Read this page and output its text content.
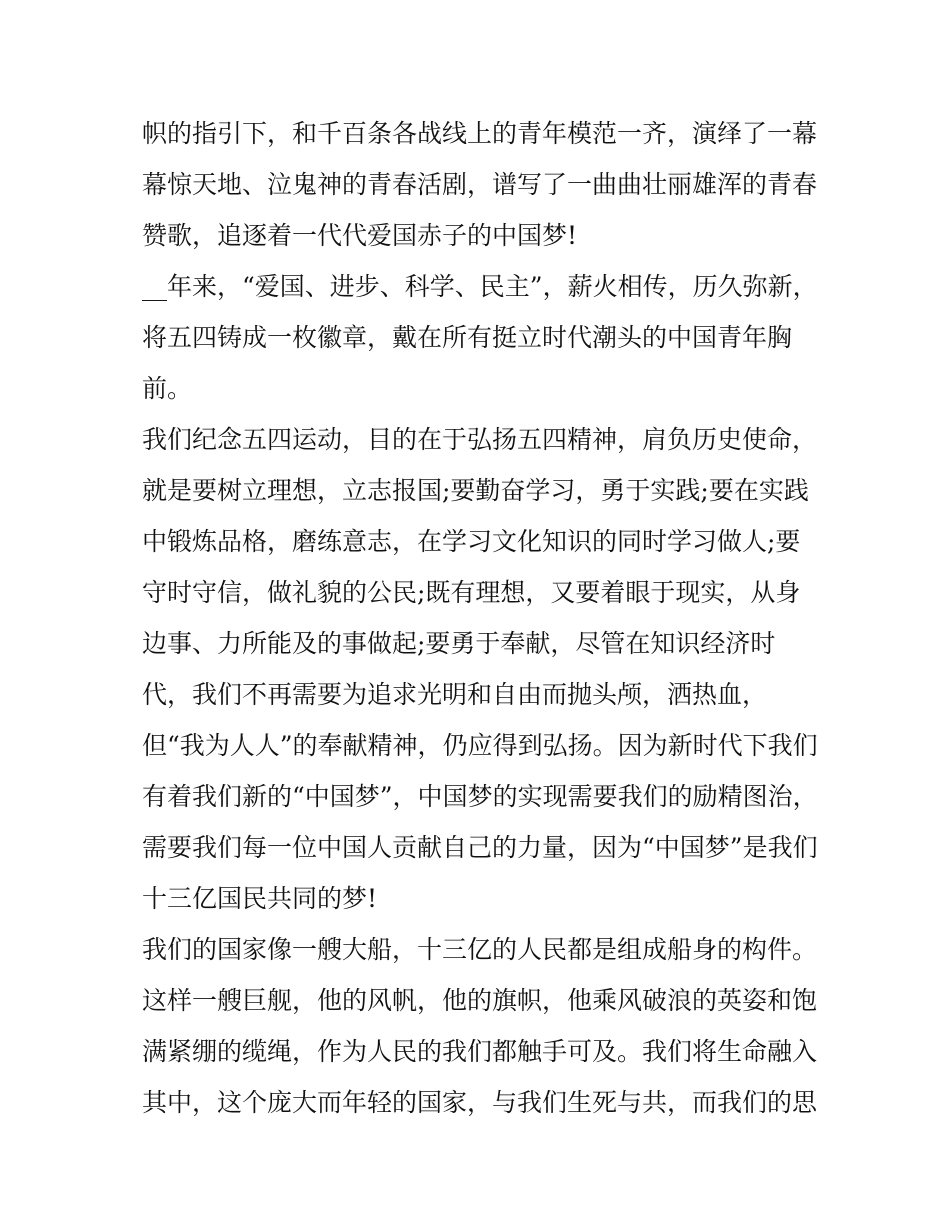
帜的指引下，和千百条各战线上的青年模范一齐，演绎了一幕
幕惊天地、泣鬼神的青春活剧，谱写了一曲曲壮丽雄浑的青春
赞歌，追逐着一代代爱国赤子的中国梦!
__年来，“爱国、进步、科学、民主”，薪火相传，历久弥新，
将五四铸成一枚徽章，戴在所有挺立时代潮头的中国青年胸
前。
我们纪念五四运动，目的在于弘扬五四精神，肩负历史使命，
就是要树立理想，立志报国;要勤奋学习，勇于实践;要在实践
中锻炼品格，磨练意志，在学习文化知识的同时学习做人;要
守时守信，做礼貌的公民;既有理想，又要着眼于现实，从身
边事、力所能及的事做起;要勇于奉献，尽管在知识经济时
代，我们不再需要为追求光明和自由而抛头颅，洒热血，
但“我为人人”的奉献精神，仍应得到弘扬。因为新时代下我们
有着我们新的“中国梦”，中国梦的实现需要我们的励精图治，
需要我们每一位中国人贡献自己的力量，因为“中国梦”是我们
十三亿国民共同的梦!
我们的国家像一艘大船，十三亿的人民都是组成船身的构件。
这样一艘巨舰，他的风帆，他的旗帜，他乘风破浪的英姿和饱
满紧绷的缆绳，作为人民的我们都触手可及。我们将生命融入
其中，这个庞大而年轻的国家，与我们生死与共，而我们的思
